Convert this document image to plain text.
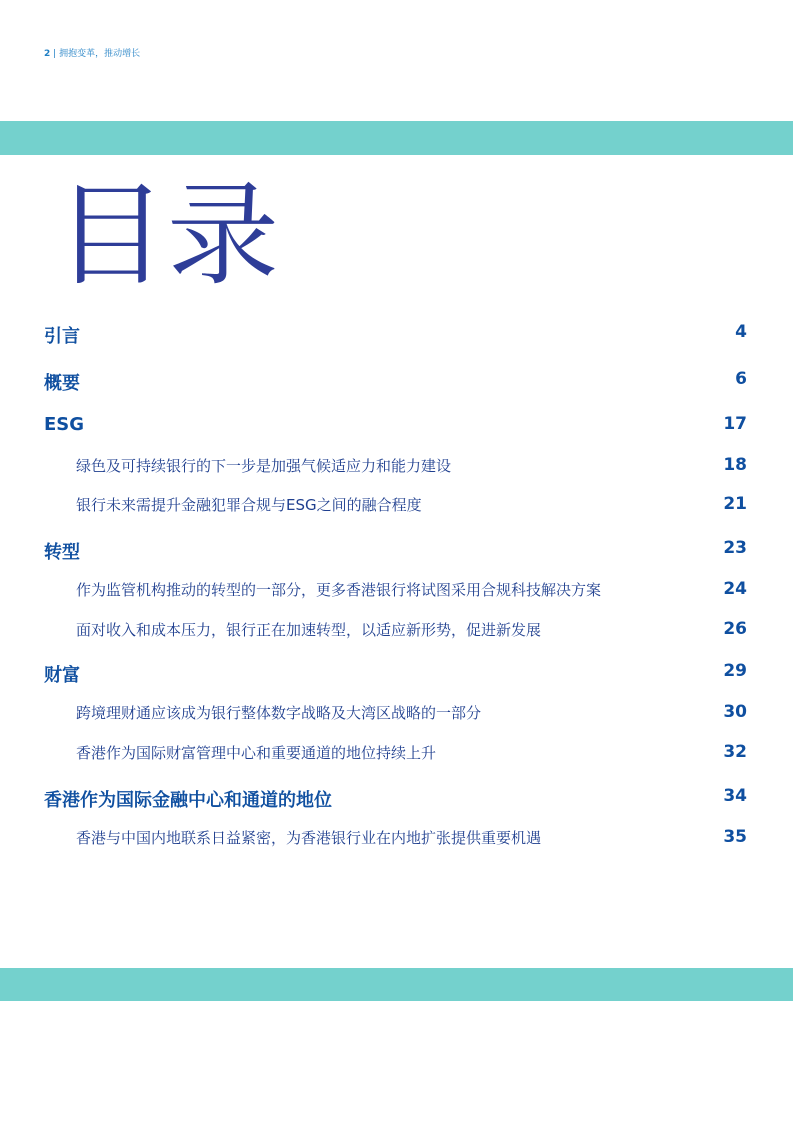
2 | 拥抱变革，推动增长
目录
引言	4
概要	6
ESG	17
绿色及可持续银行的下一步是加强气候适应力和能力建设	18
银行未来需提升金融犯罪合规与ESG之间的融合程度	21
转型	23
作为监管机构推动的转型的一部分，更多香港银行将试图采用合规科技解决方案	24
面对收入和成本压力，银行正在加速转型，以适应新形势，促进新发展	26
财富	29
跨境理财通应该成为银行整体数字战略及大湾区战略的一部分	30
香港作为国际财富管理中心和重要通道的地位持续上升	32
香港作为国际金融中心和通道的地位	34
香港与中国内地联系日益紧密，为香港银行业在内地扩张提供重要机遇	35
